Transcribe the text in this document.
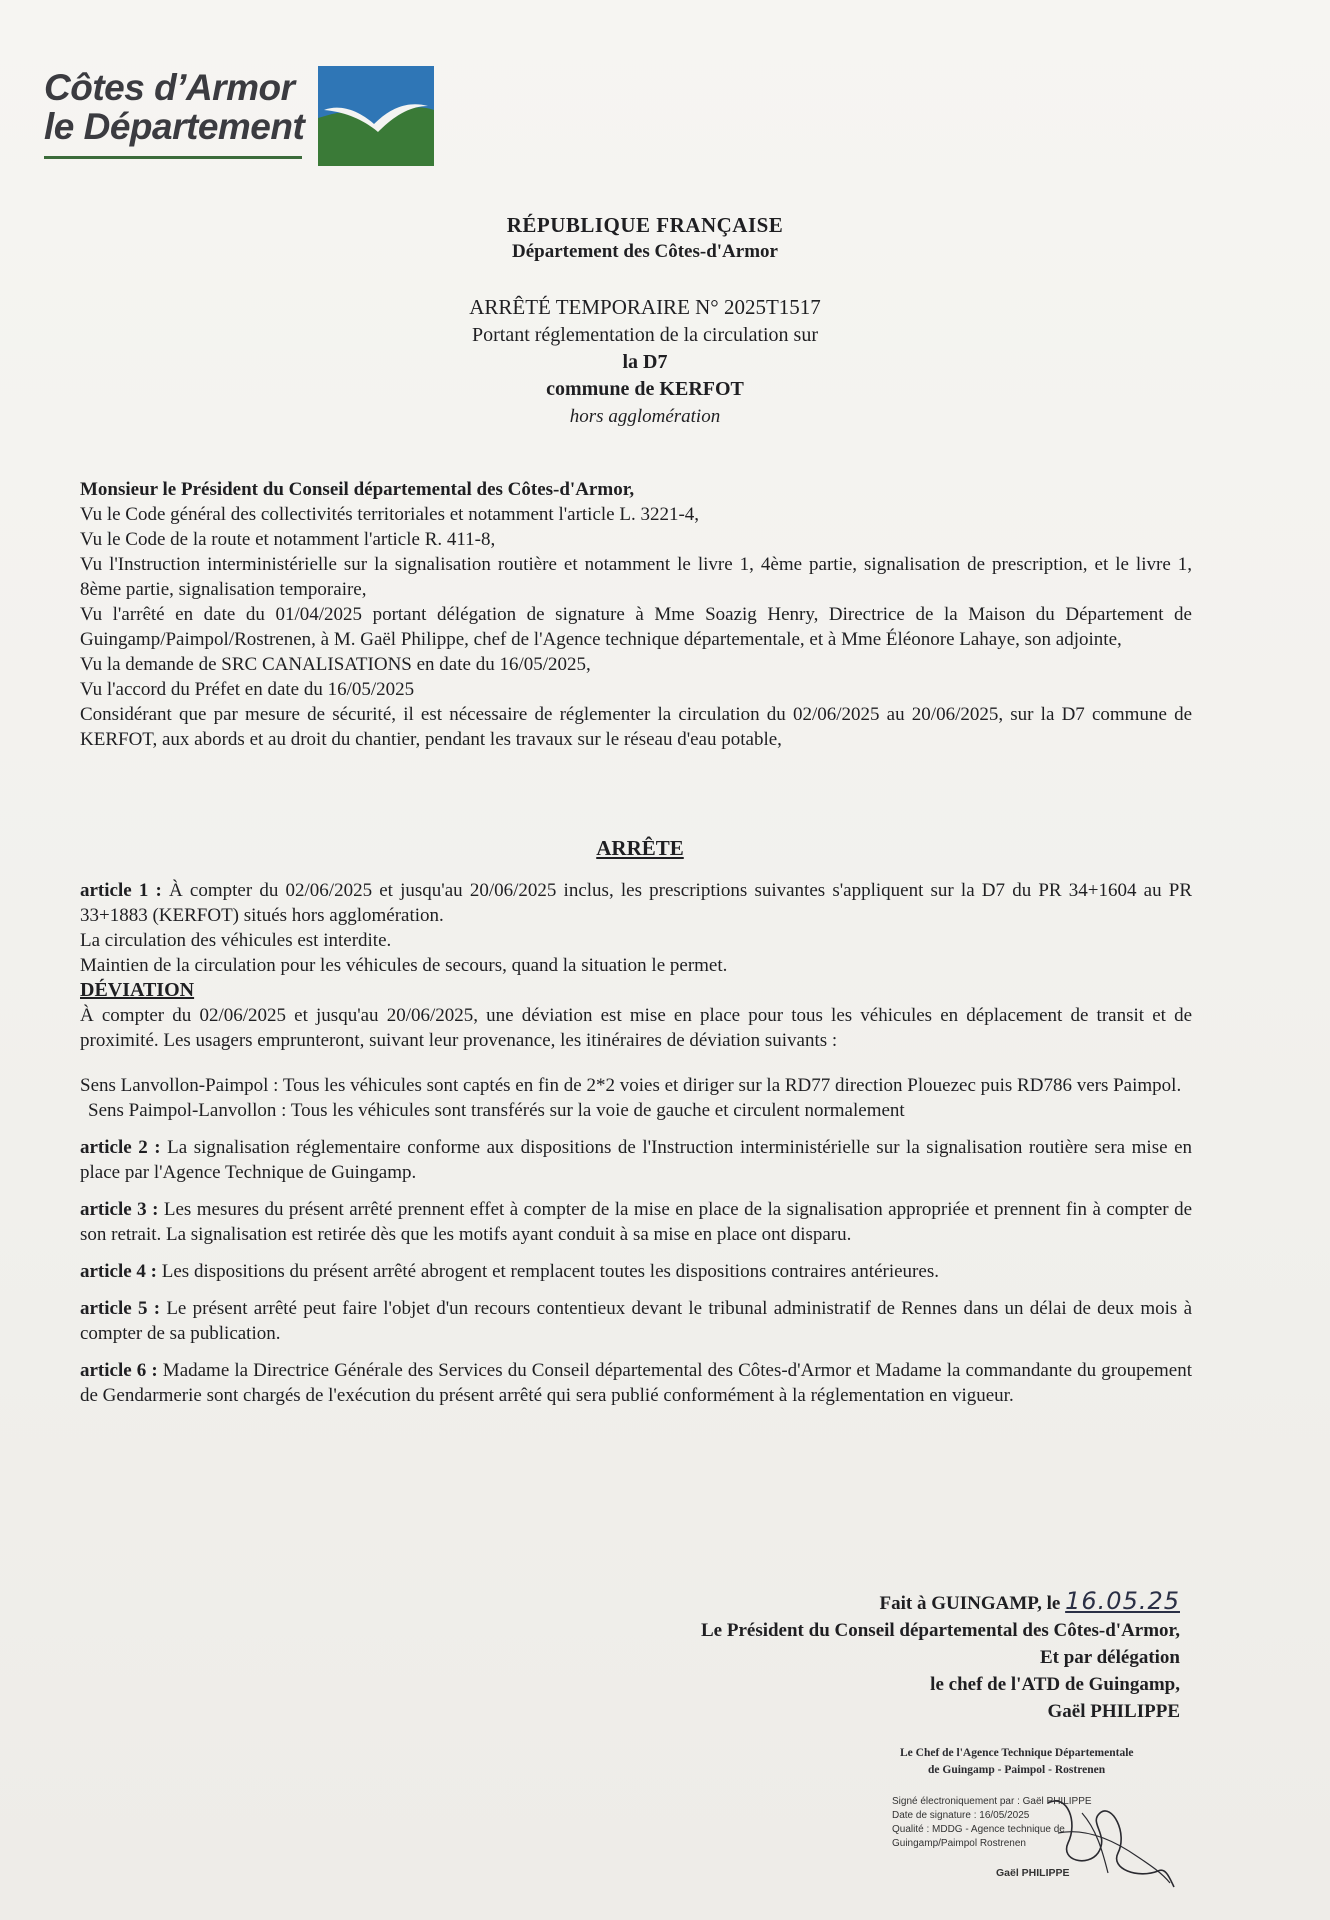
Côtes d’Armor
le Département
RÉPUBLIQUE FRANÇAISE
Département des Côtes-d'Armor
ARRÊTÉ TEMPORAIRE N° 2025T1517
Portant réglementation de la circulation sur
la D7
commune de KERFOT
hors agglomération

Monsieur le Président du Conseil départemental des Côtes-d'Armor,

Vu le Code général des collectivités territoriales et notamment l'article L. 3221-4,

Vu le Code de la route et notamment l'article R. 411-8,

Vu l'Instruction interministérielle sur la signalisation routière et notamment le livre 1, 4ème partie, signalisation de prescription, et le livre 1, 8ème partie, signalisation temporaire,

Vu l'arrêté en date du 01/04/2025 portant délégation de signature à Mme Soazig Henry, Directrice de la Maison du Département de Guingamp/Paimpol/Rostrenen, à M. Gaël Philippe, chef de l'Agence technique départementale, et à Mme Éléonore Lahaye, son adjointe,

Vu la demande de SRC CANALISATIONS en date du 16/05/2025,

Vu l'accord du Préfet en date du 16/05/2025

Considérant que par mesure de sécurité, il est nécessaire de réglementer la circulation du 02/06/2025 au 20/06/2025, sur la D7 commune de KERFOT, aux abords et au droit du chantier, pendant les travaux sur le réseau d'eau potable,

ARRÊTE

article 1 : À compter du 02/06/2025 et jusqu'au 20/06/2025 inclus, les prescriptions suivantes s'appliquent sur la D7 du PR 34+1604 au PR 33+1883 (KERFOT) situés hors agglomération.

La circulation des véhicules est interdite.

Maintien de la circulation pour les véhicules de secours, quand la situation le permet.

DÉVIATION

À compter du 02/06/2025 et jusqu'au 20/06/2025, une déviation est mise en place pour tous les véhicules en déplacement de transit et de proximité. Les usagers emprunteront, suivant leur provenance, les itinéraires de déviation suivants :

Sens Lanvollon-Paimpol : Tous les véhicules sont captés en fin de 2*2 voies et diriger sur la RD77 direction Plouezec puis RD786 vers Paimpol.

Sens Paimpol-Lanvollon : Tous les véhicules sont transférés sur la voie de gauche et circulent normalement

article 2 : La signalisation réglementaire conforme aux dispositions de l'Instruction interministérielle sur la signalisation routière sera mise en place par l'Agence Technique de Guingamp.

article 3 : Les mesures du présent arrêté prennent effet à compter de la mise en place de la signalisation appropriée et prennent fin à compter de son retrait. La signalisation est retirée dès que les motifs ayant conduit à sa mise en place ont disparu.

article 4 : Les dispositions du présent arrêté abrogent et remplacent toutes les dispositions contraires antérieures.

article 5 : Le présent arrêté peut faire l'objet d'un recours contentieux devant le tribunal administratif de Rennes dans un délai de deux mois à compter de sa publication.

article 6 : Madame la Directrice Générale des Services du Conseil départemental des Côtes-d'Armor et Madame la commandante du groupement de Gendarmerie sont chargés de l'exécution du présent arrêté qui sera publié conformément à la réglementation en vigueur.

Fait à GUINGAMP, le 16.05.25
Le Président du Conseil départemental des Côtes-d'Armor,
Et par délégation
le chef de l'ATD de Guingamp,
Gaël PHILIPPE
Le Chef de l'Agence Technique Départementale
de Guingamp - Paimpol - Rostrenen
Signé électroniquement par : Gaël PHILIPPE
Date de signature : 16/05/2025
Qualité : MDDG - Agence technique de
Guingamp/Paimpol Rostrenen
Gaël PHILIPPE
